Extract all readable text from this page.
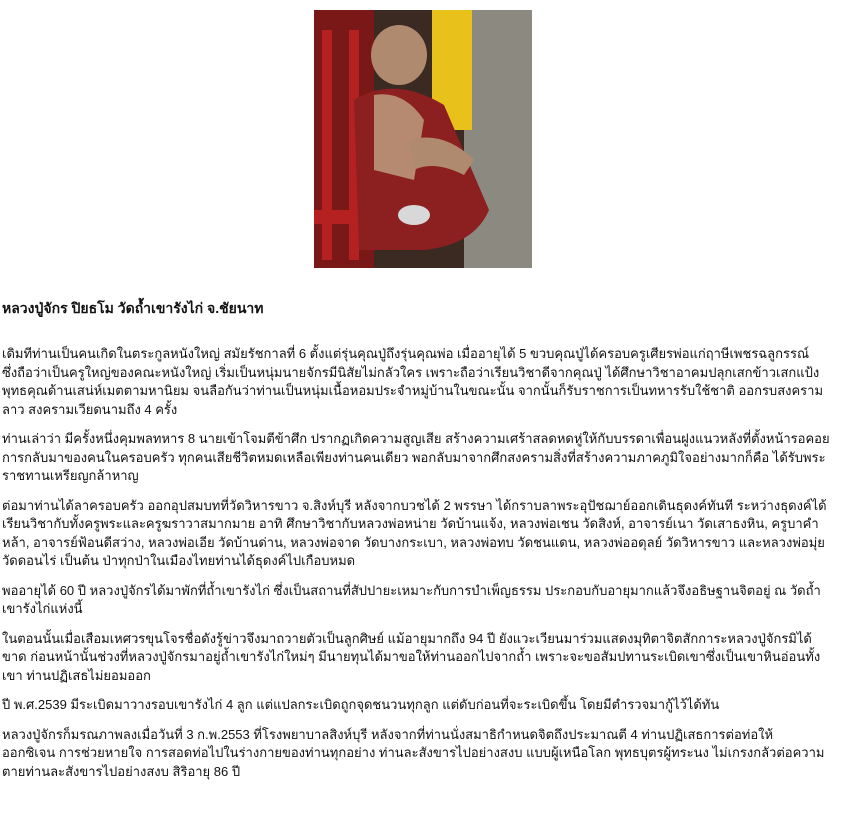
หลวงปู่จักร ปิยธโม วัดถ้ำเขารังไก่ จ.ชัยนาท

เดิมทีท่านเป็นคนเกิดในตระกูลหนังใหญ่ สมัยรัชกาลที่ 6 ตั้งแต่รุ่นคุณปู่ถึงรุ่นคุณพ่อ เมื่ออายุได้ 5 ขวบคุณปู่ได้ครอบครูเศียรพ่อแก่ฤาษีเพชรฉลูกรรณ์
ซึ่งถือว่าเป็นครูใหญ่ของคณะหนังใหญ่ เริ่มเป็นหนุ่มนายจักรมีนิสัยไม่กลัวใคร เพราะถือว่าเรียนวิชาดีจากคุณปู่ ได้ศึกษาวิชาอาคมปลุกเสกข้าวเสกแป้ง
พุทธคุณด้านเสน่ห์เมตตามหานิยม จนลือกันว่าท่านเป็นหนุ่มเนื้อหอมประจำหมู่บ้านในขณะนั้น จากนั้นก็รับราชการเป็นทหารรับใช้ชาติ ออกรบสงคราม
ลาว สงครามเวียดนามถึง 4 ครั้ง

ท่านเล่าว่า มีครั้งหนึ่งคุมพลทหาร 8 นายเข้าโจมตีข้าศึก ปรากฏเกิดความสูญเสีย สร้างความเศร้าสลดหดหู่ให้กับบรรดาเพื่อนฝูงแนวหลังที่ตั้งหน้ารอคอย
การกลับมาของคนในครอบครัว ทุกคนเสียชีวิตหมดเหลือเพียงท่านคนเดียว พอกลับมาจากศึกสงครามสิ่งที่สร้างความภาคภูมิใจอย่างมากก็คือ ได้รับพระ
ราชทานเหรียญกล้าหาญ

ต่อมาท่านได้ลาครอบครัว ออกอุปสมบทที่วัดวิหารขาว จ.สิงห์บุรี หลังจากบวชได้ 2 พรรษา ได้กราบลาพระอุปัชฌาย์ออกเดินธุดงค์ทันที ระหว่างธุดงค์ได้
เรียนวิชากับทั้งครูพระและครูฆราวาสมากมาย อาทิ ศึกษาวิชากับหลวงพ่อหน่าย วัดบ้านแจ้ง, หลวงพ่อเชน วัดสิงห์, อาจารย์เนา วัดเสาธงหิน, ครูบาคำ
หล้า, อาจารย์ฟ้อนดีสว่าง, หลวงพ่อเอีย วัดบ้านด่าน, หลวงพ่อจาด วัดบางกระเบา, หลวงพ่อทบ วัดชนแดน, หลวงพ่ออดุลย์ วัดวิหารขาว และหลวงพ่อมุ่ย
วัดดอนไร่ เป็นต้น ป่าทุกป่าในเมืองไทยท่านได้ธุดงค์ไปเกือบหมด

พออายุได้ 60 ปี หลวงปู่จักรได้มาพักที่ถ้ำเขารังไก่ ซึ่งเป็นสถานที่สัปปายะเหมาะกับการบำเพ็ญธรรม ประกอบกับอายุมากแล้วจึงอธิษฐานจิตอยู่ ณ วัดถ้ำ
เขารังไก่แห่งนี้

ในตอนนั้นเมื่อเสือมเหศวรขุนโจรชื่อดังรู้ข่าวจึงมาถวายตัวเป็นลูกศิษย์ แม้อายุมากถึง 94 ปี ยังแวะเวียนมาร่วมแสดงมุทิตาจิตสักการะหลวงปู่จักรมิได้
ขาด ก่อนหน้านั้นช่วงที่หลวงปู่จักรมาอยู่ถ้ำเขารังไก่ใหม่ๆ มีนายทุนได้มาขอให้ท่านออกไปจากถ้ำ เพราะจะขอสัมปทานระเบิดเขาซึ่งเป็นเขาหินอ่อนทั้ง
เขา ท่านปฏิเสธไม่ยอมออก

ปี พ.ศ.2539 มีระเบิดมาวางรอบเขารังไก่ 4 ลูก แต่แปลกระเบิดถูกจุดชนวนทุกลูก แต่ดับก่อนที่จะระเบิดขึ้น โดยมีตำรวจมากู้ไว้ได้ทัน

หลวงปู่จักรก็มรณภาพลงเมื่อวันที่ 3 ก.พ.2553 ที่โรงพยาบาลสิงห์บุรี หลังจากที่ท่านนั่งสมาธิกำหนดจิตถึงประมาณตี 4 ท่านปฏิเสธการต่อท่อให้
ออกซิเจน การช่วยหายใจ การสอดท่อไปในร่างกายของท่านทุกอย่าง ท่านละสังขารไปอย่างสงบ แบบผู้เหนือโลก พุทธบุตรผู้ทระนง ไม่เกรงกลัวต่อความ
ตายท่านละสังขารไปอย่างสงบ สิริอายุ 86 ปี
